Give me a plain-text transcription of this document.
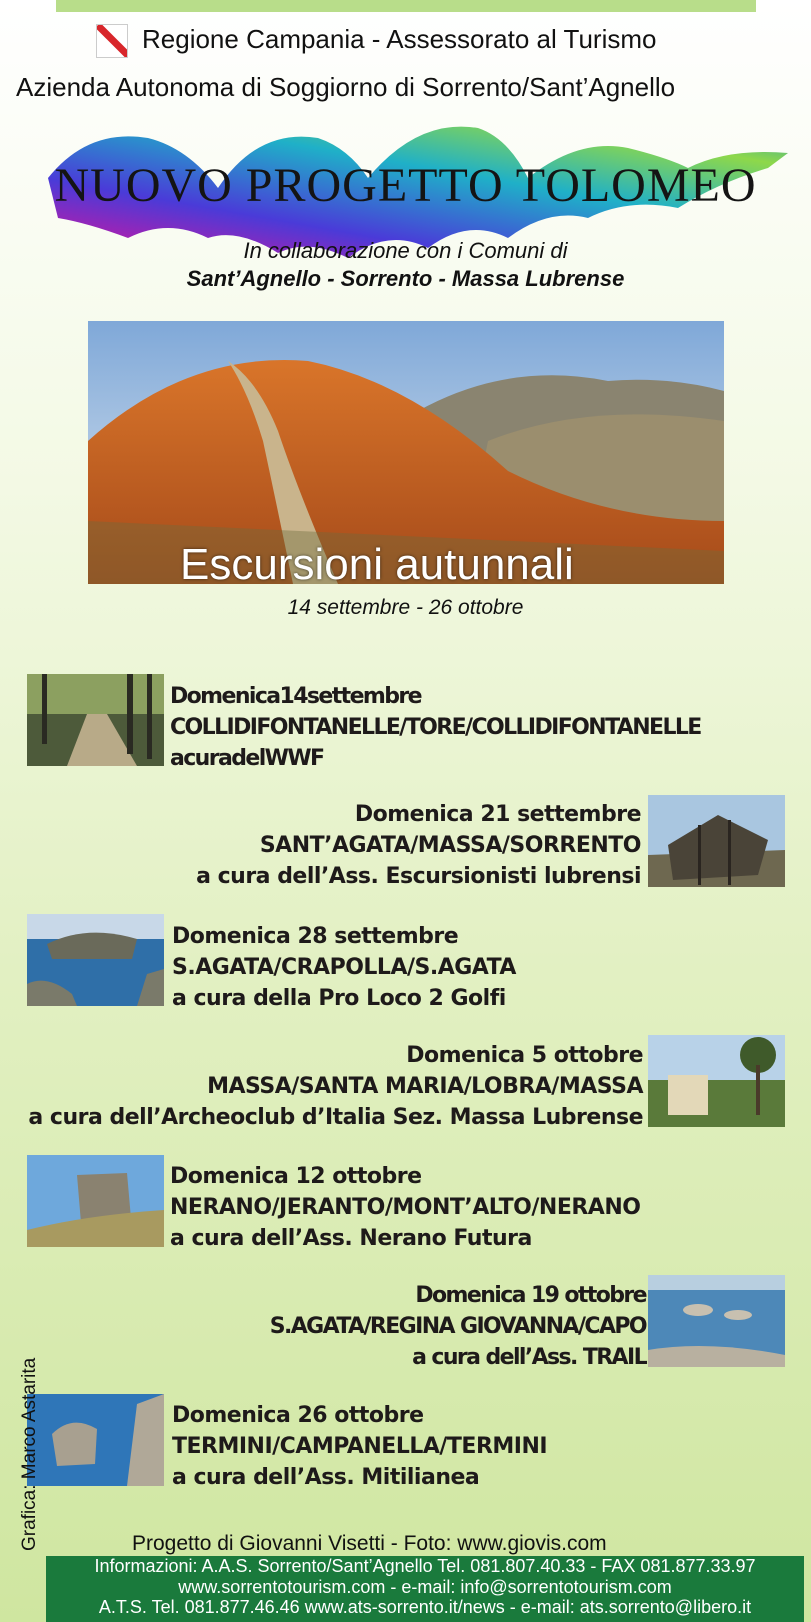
Regione Campania - Assessorato al Turismo
Azienda Autonoma di Soggiorno di Sorrento/Sant’Agnello
NUOVO PROGETTO TOLOMEO
In collaborazione con i Comuni di
Sant’Agnello - Sorrento - Massa Lubrense
Escursioni autunnali
14 settembre - 26 ottobre
Domenica14settembre
COLLIDIFONTANELLE/TORE/COLLIDIFONTANELLE
acuradelWWF
Domenica 21 settembre
SANT’AGATA/MASSA/SORRENTO
a cura dell’Ass. Escursionisti lubrensi
Domenica 28 settembre
S.AGATA/CRAPOLLA/S.AGATA
a cura della Pro Loco 2 Golfi
Domenica 5 ottobre
MASSA/SANTA MARIA/LOBRA/MASSA
a cura dell’Archeoclub d’Italia Sez. Massa Lubrense
Domenica 12 ottobre
NERANO/JERANTO/MONT’ALTO/NERANO
a cura dell’Ass. Nerano Futura
Domenica 19 ottobre
S.AGATA/REGINA GIOVANNA/CAPO
a cura dell’Ass. TRAIL
Domenica 26 ottobre
TERMINI/CAMPANELLA/TERMINI
a cura dell’Ass. Mitilianea
Grafica: Marco Astarita	Progetto di Giovanni Visetti - Foto: www.giovis.com
Informazioni: A.A.S. Sorrento/Sant’Agnello Tel. 081.807.40.33 - FAX 081.877.33.97
www.sorrentotourism.com - e-mail: info@sorrentotourism.com
A.T.S. Tel. 081.877.46.46 www.ats-sorrento.it/news - e-mail: ats.sorrento@libero.it
